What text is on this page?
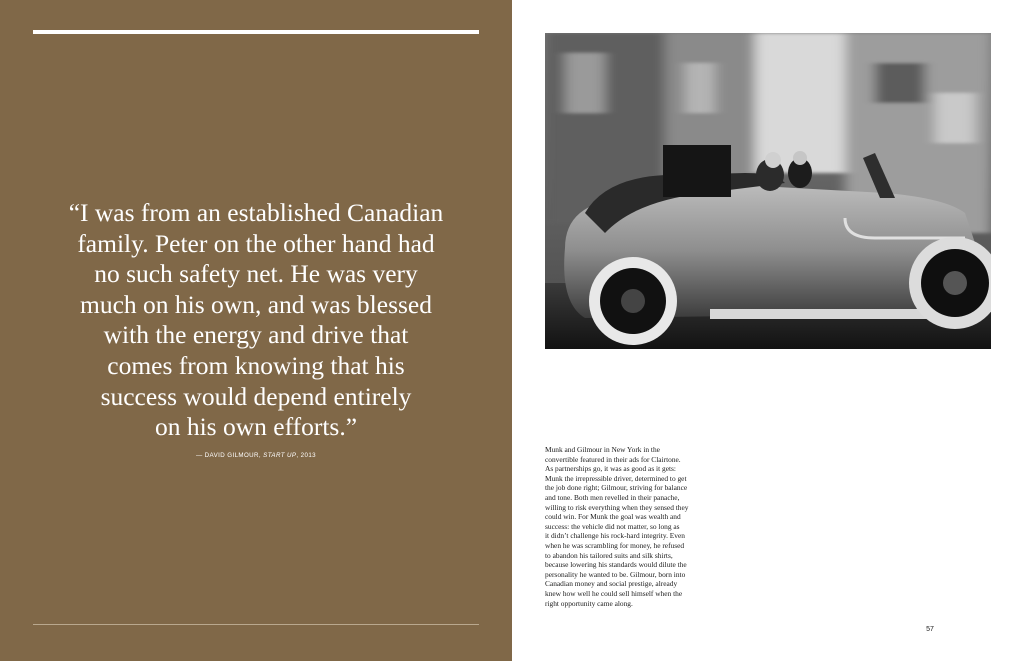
“I was from an established Canadian
family. Peter on the other hand had
no such safety net. He was very
much on his own, and was blessed
with the energy and drive that
comes from knowing that his
success would depend entirely
on his own efforts.”
— DAVID GILMOUR, START UP, 2013
Munk and Gilmour in New York in the
convertible featured in their ads for Clairtone.
As partnerships go, it was as good as it gets:
Munk the irrepressible driver, determined to get
the job done right; Gilmour, striving for balance
and tone. Both men revelled in their panache,
willing to risk everything when they sensed they
could win. For Munk the goal was wealth and
success: the vehicle did not matter, so long as
it didn’t challenge his rock-hard integrity. Even
when he was scrambling for money, he refused
to abandon his tailored suits and silk shirts,
because lowering his standards would dilute the
personality he wanted to be. Gilmour, born into
Canadian money and social prestige, already
knew how well he could sell himself when the
right opportunity came along.
57
